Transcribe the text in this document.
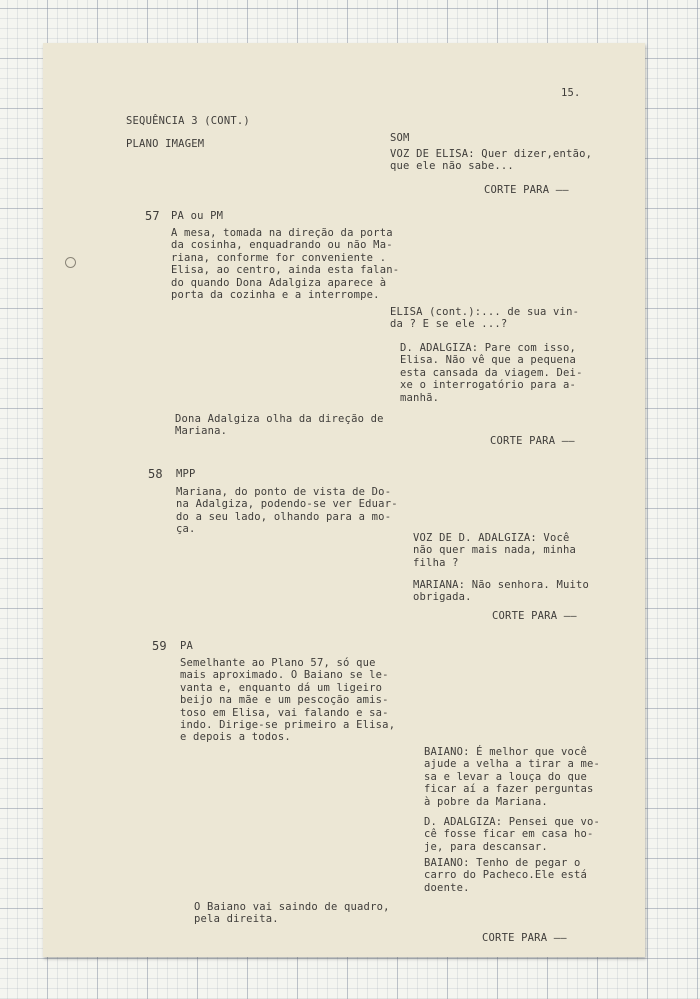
15.

SEQUÊNCIA 3 (CONT.)

PLANO IMAGEM	SOM

VOZ DE ELISA: Quer dizer,então,
que ele não sabe...

CORTE PARA ——

57 PA ou PM

A mesa, tomada na direção da porta
da cosinha, enquadrando ou não Ma-
riana, conforme for conveniente .
Elisa, ao centro, ainda esta falan-
do quando Dona Adalgiza aparece à
porta da cozinha e a interrompe.

ELISA (cont.):... de sua vin-
da ? E se ele ...?

D. ADALGIZA: Pare com isso,
Elisa. Não vê que a pequena
esta cansada da viagem. Dei-
xe o interrogatório para a-
manhã.

Dona Adalgiza olha da direção de
Mariana.

CORTE PARA ——

58 MPP

Mariana, do ponto de vista de Do-
na Adalgiza, podendo-se ver Eduar-
do a seu lado, olhando para a mo-
ça.

VOZ DE D. ADALGIZA: Você
não quer mais nada, minha
filha ?

MARIANA: Não senhora. Muito
obrigada.

CORTE PARA ——

59 PA

Semelhante ao Plano 57, só que
mais aproximado. O Baiano se le-
vanta e, enquanto dá um ligeiro
beijo na mãe e um pescoção amis-
toso em Elisa, vai falando e sa-
indo. Dirige-se primeiro a Elisa,
e depois a todos.

BAIANO: É melhor que você
ajude a velha a tirar a me-
sa e levar a louça do que
ficar aí a fazer perguntas
à pobre da Mariana.

D. ADALGIZA: Pensei que vo-
cê fosse ficar em casa ho-
je, para descansar.

BAIANO: Tenho de pegar o
carro do Pacheco.Ele está
doente.

O Baiano vai saindo de quadro,
pela direita.

CORTE PARA ——
